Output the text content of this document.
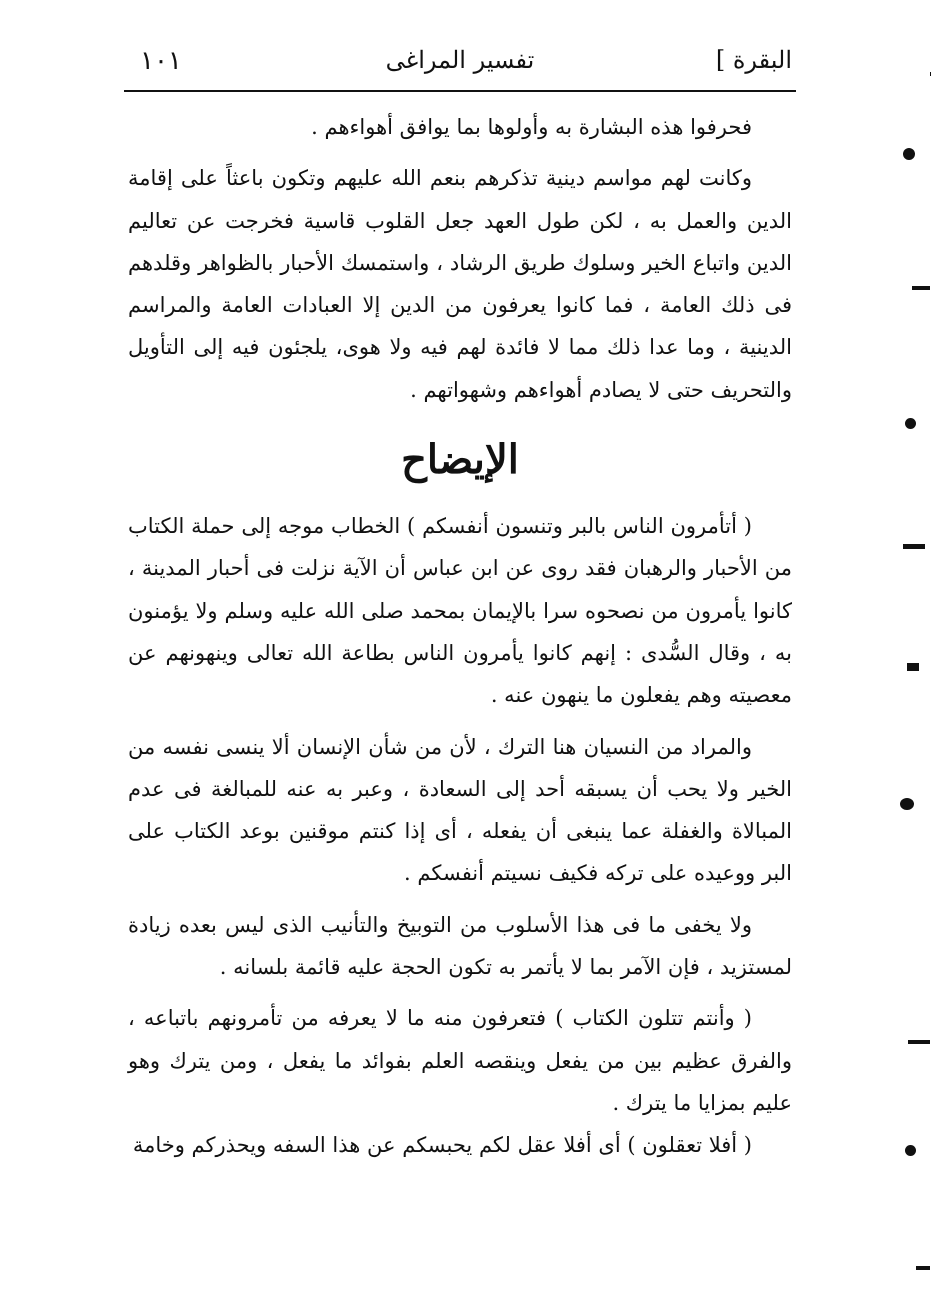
البقرة ]
تفسير المراغى
١٠١

فحرفوا هذه البشارة به وأولوها بما يوافق أهواءهم .

وكانت لهم مواسم دينية تذكرهم بنعم الله عليهم وتكون باعثاً على إقامة الدين والعمل به ، لكن طول العهد جعل القلوب قاسية فخرجت عن تعاليم الدين واتباع الخير وسلوك طريق الرشاد ، واستمسك الأحبار بالظواهر وقلدهم فى ذلك العامة ، فما كانوا يعرفون من الدين إلا العبادات العامة والمراسم الدينية ، وما عدا ذلك مما لا فائدة لهم فيه ولا هوى، يلجئون فيه إلى التأويل والتحريف حتى لا يصادم أهواءهم وشهواتهم .

الإيضاح

( أتأمرون الناس بالبر وتنسون أنفسكم ) الخطاب موجه إلى حملة الكتاب من الأحبار والرهبان فقد روى عن ابن عباس أن الآية نزلت فى أحبار المدينة ، كانوا يأمرون من نصحوه سرا بالإيمان بمحمد صلى الله عليه وسلم ولا يؤمنون به ، وقال السُّدى : إنهم كانوا يأمرون الناس بطاعة الله تعالى وينهونهم عن معصيته وهم يفعلون ما ينهون عنه .

والمراد من النسيان هنا الترك ، لأن من شأن الإنسان ألا ينسى نفسه من الخير ولا يحب أن يسبقه أحد إلى السعادة ، وعبر به عنه للمبالغة فى عدم المبالاة والغفلة عما ينبغى أن يفعله ، أى إذا كنتم موقنين بوعد الكتاب على البر ووعيده على تركه فكيف نسيتم أنفسكم .

ولا يخفى ما فى هذا الأسلوب من التوبيخ والتأنيب الذى ليس بعده زيادة لمستزيد ، فإن الآمر بما لا يأتمر به تكون الحجة عليه قائمة بلسانه .

( وأنتم تتلون الكتاب ) فتعرفون منه ما لا يعرفه من تأمرونهم باتباعه ، والفرق عظيم بين من يفعل وينقصه العلم بفوائد ما يفعل ، ومن يترك وهو عليم بمزايا ما يترك .

( أفلا تعقلون ) أى أفلا عقل لكم يحبسكم عن هذا السفه ويحذركم وخامة
